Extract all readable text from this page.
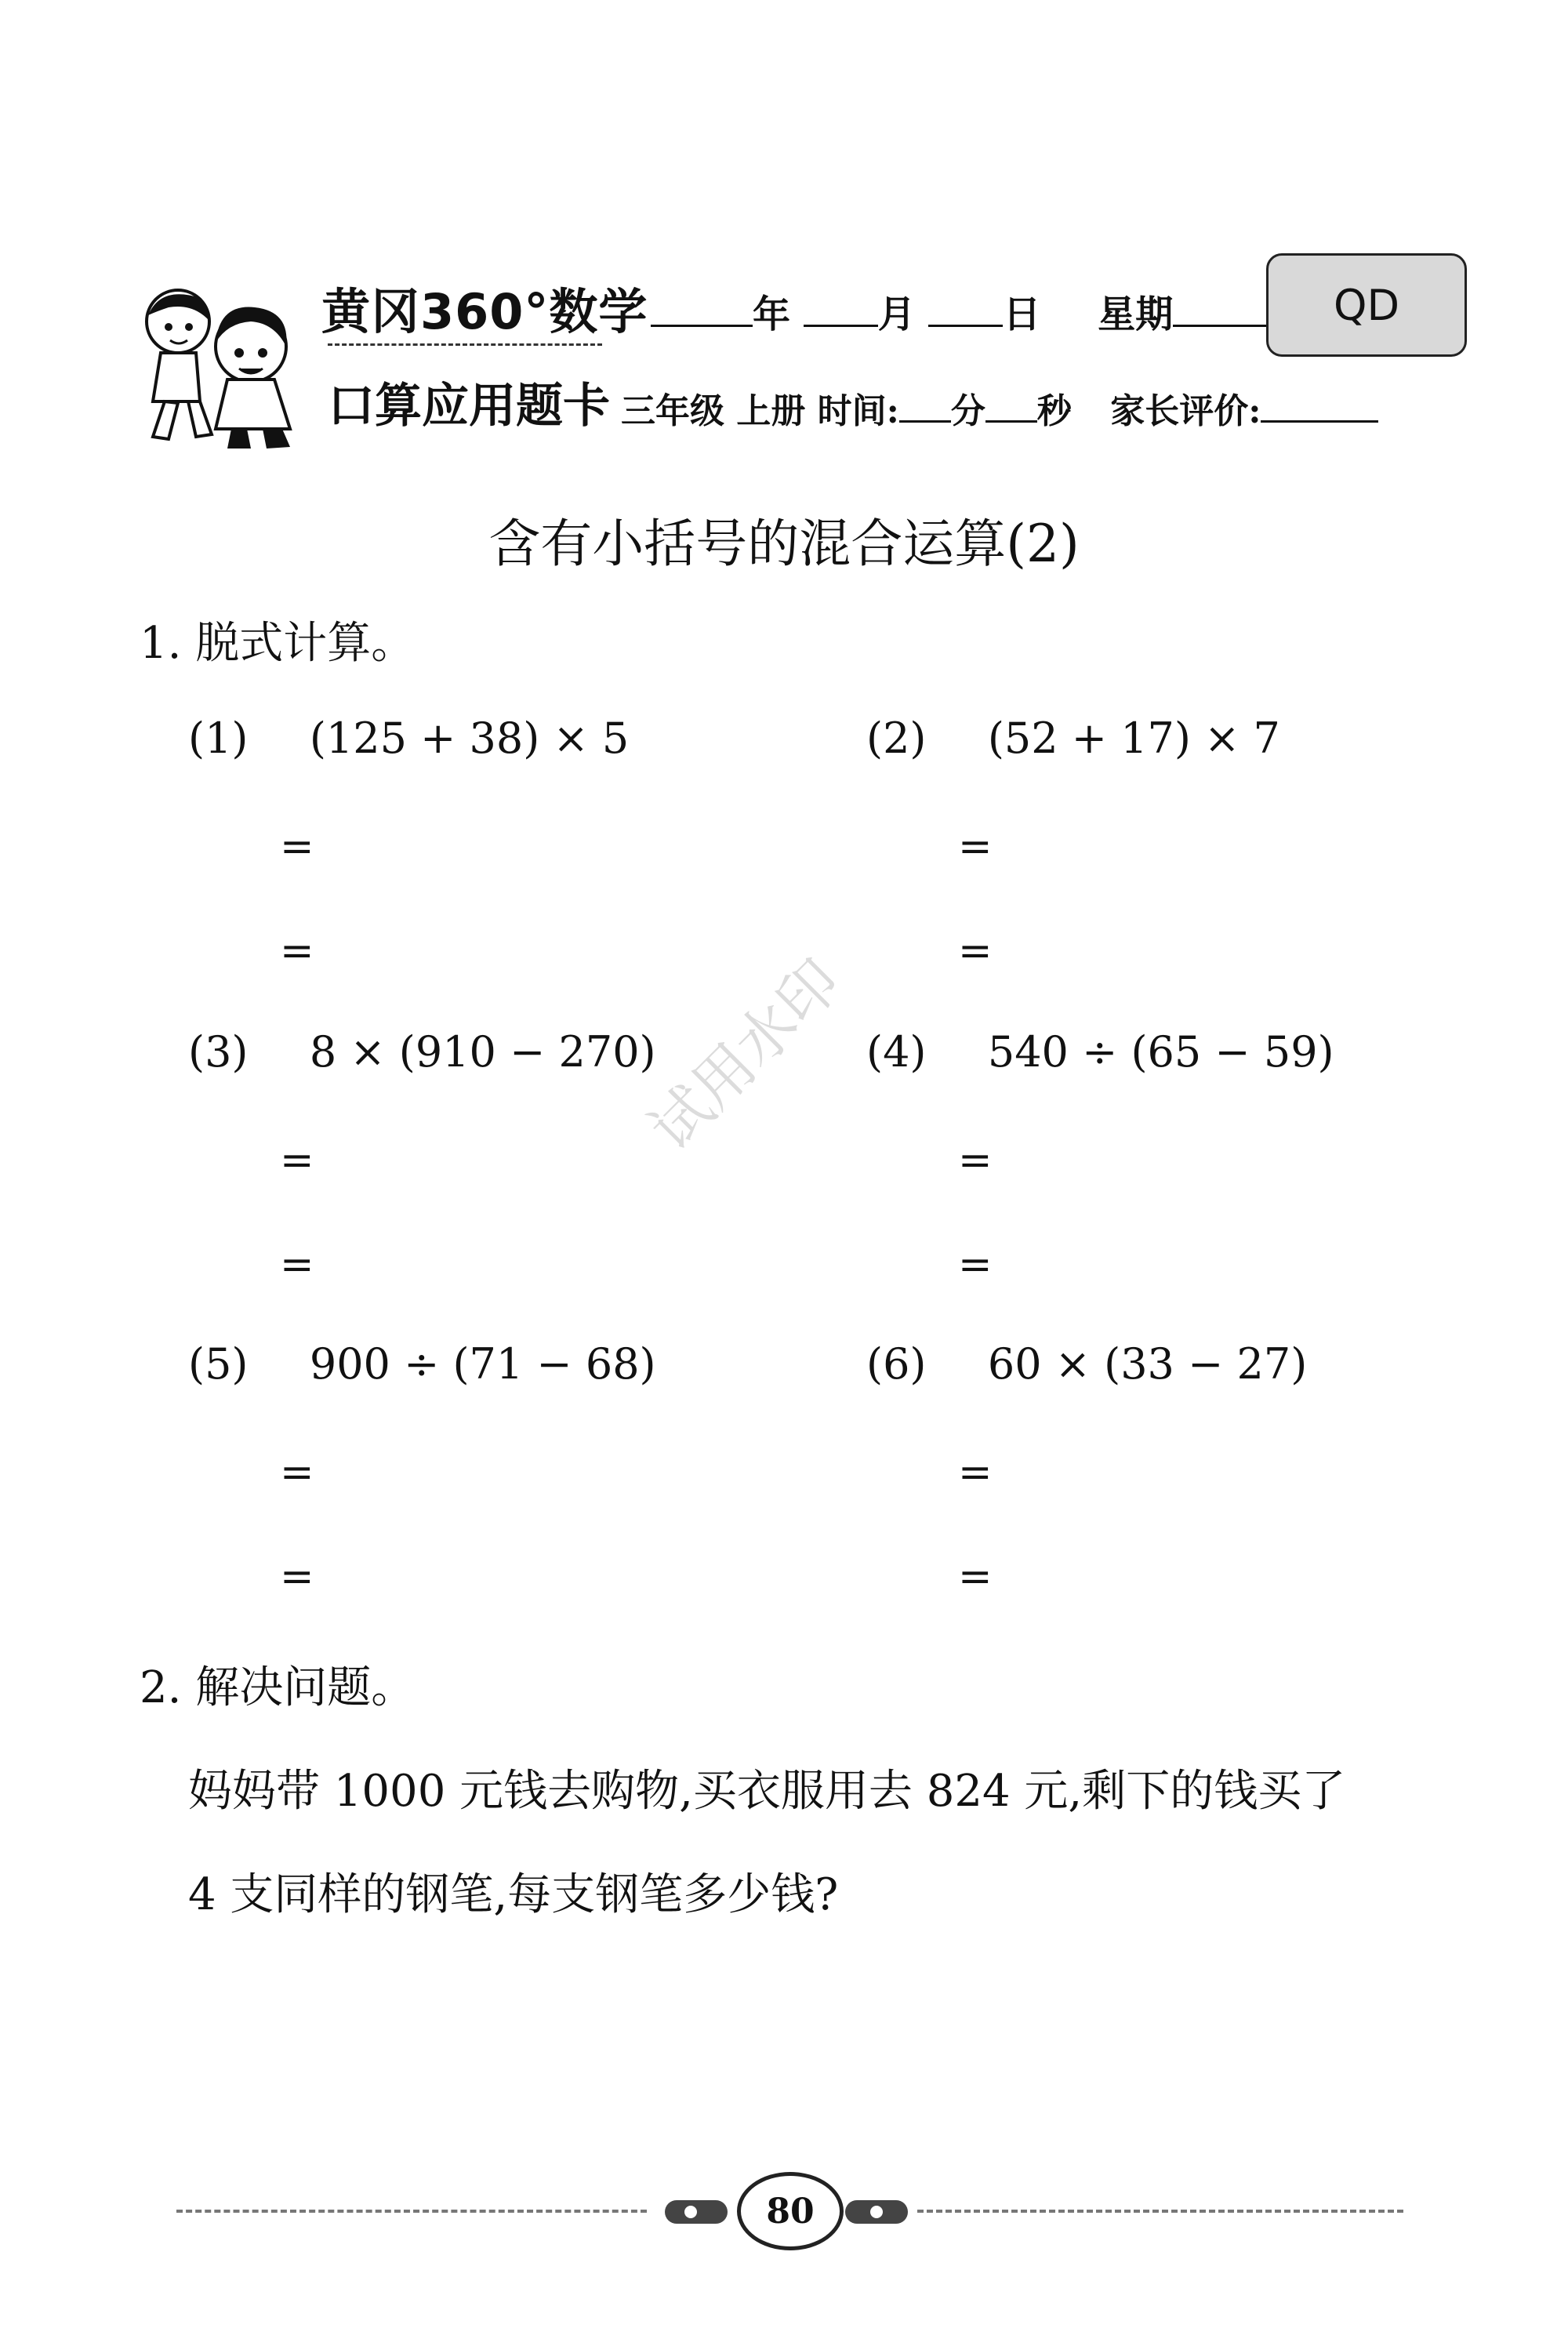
黄冈360°数学
口算应用题卡
年 月 日 星期	QD
三年级 上册 时间: 分 秒 家长评价:
含有小括号的混合运算(2)
1. 脱式计算。
(1) (125 + 38) × 5	(2) (52 + 17) × 7
(3) 8 × (910 − 270)	(4) 540 ÷ (65 − 59)
(5) 900 ÷ (71 − 68)	(6) 60 × (33 − 27)
=
=
=
=
=
=
=
=
=
=
=
=
试用水印
2. 解决问题。
妈妈带 1000 元钱去购物,买衣服用去 824 元,剩下的钱买了
4 支同样的钢笔,每支钢笔多少钱?
80
